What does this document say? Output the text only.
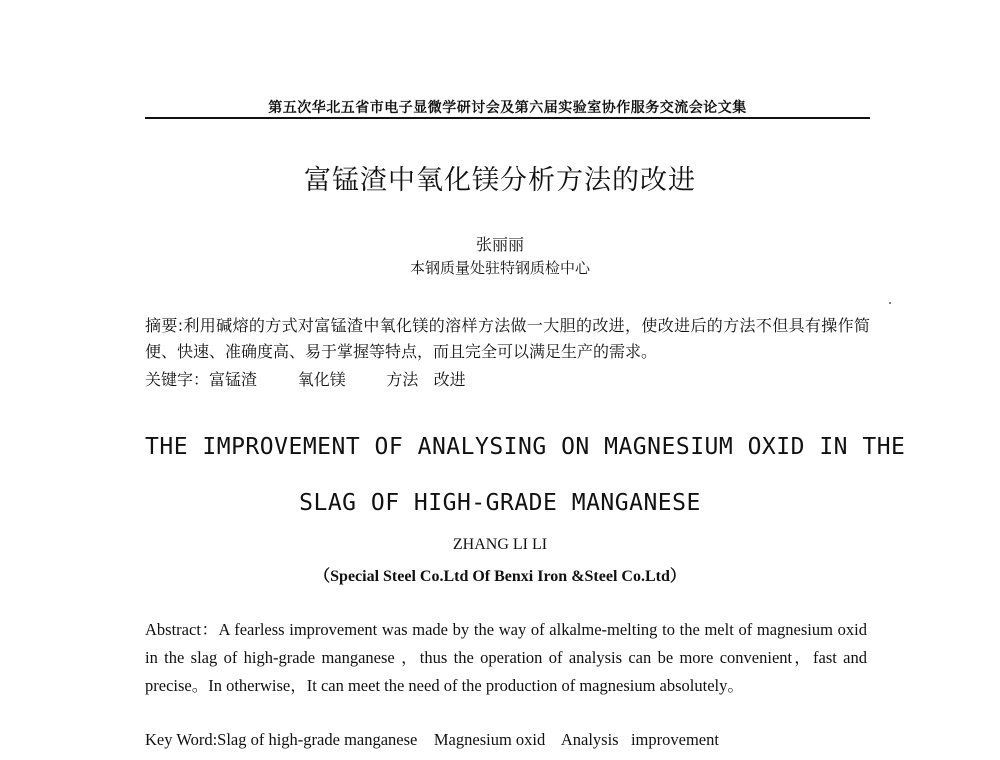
第五次华北五省市电子显微学研讨会及第六届实验室协作服务交流会论文集
富锰渣中氧化镁分析方法的改进
张丽丽
本钢质量处驻特钢质检中心
摘要:利用碱熔的方式对富锰渣中氧化镁的溶样方法做一大胆的改进，使改进后的方法不但具有操作简便、快速、准确度高、易于掌握等特点，而且完全可以满足生产的需求。
关键字：富锰渣        氧化镁        方法   改进
THE IMPROVEMENT OF ANALYSING ON MAGNESIUM OXID IN THE
SLAG OF HIGH-GRADE MANGANESE
ZHANG LI LI
（Special Steel Co.Ltd Of Benxi Iron &Steel Co.Ltd）
Abstract：A fearless improvement was made by the way of alkalme-melting to the melt of magnesium oxid in the slag of high-grade manganese ，thus the operation of analysis can be more convenient，fast and precise。In otherwise，It can meet the need of the production of magnesium absolutely。
Key Word:Slag of high-grade manganese    Magnesium oxid    Analysis   improvement
